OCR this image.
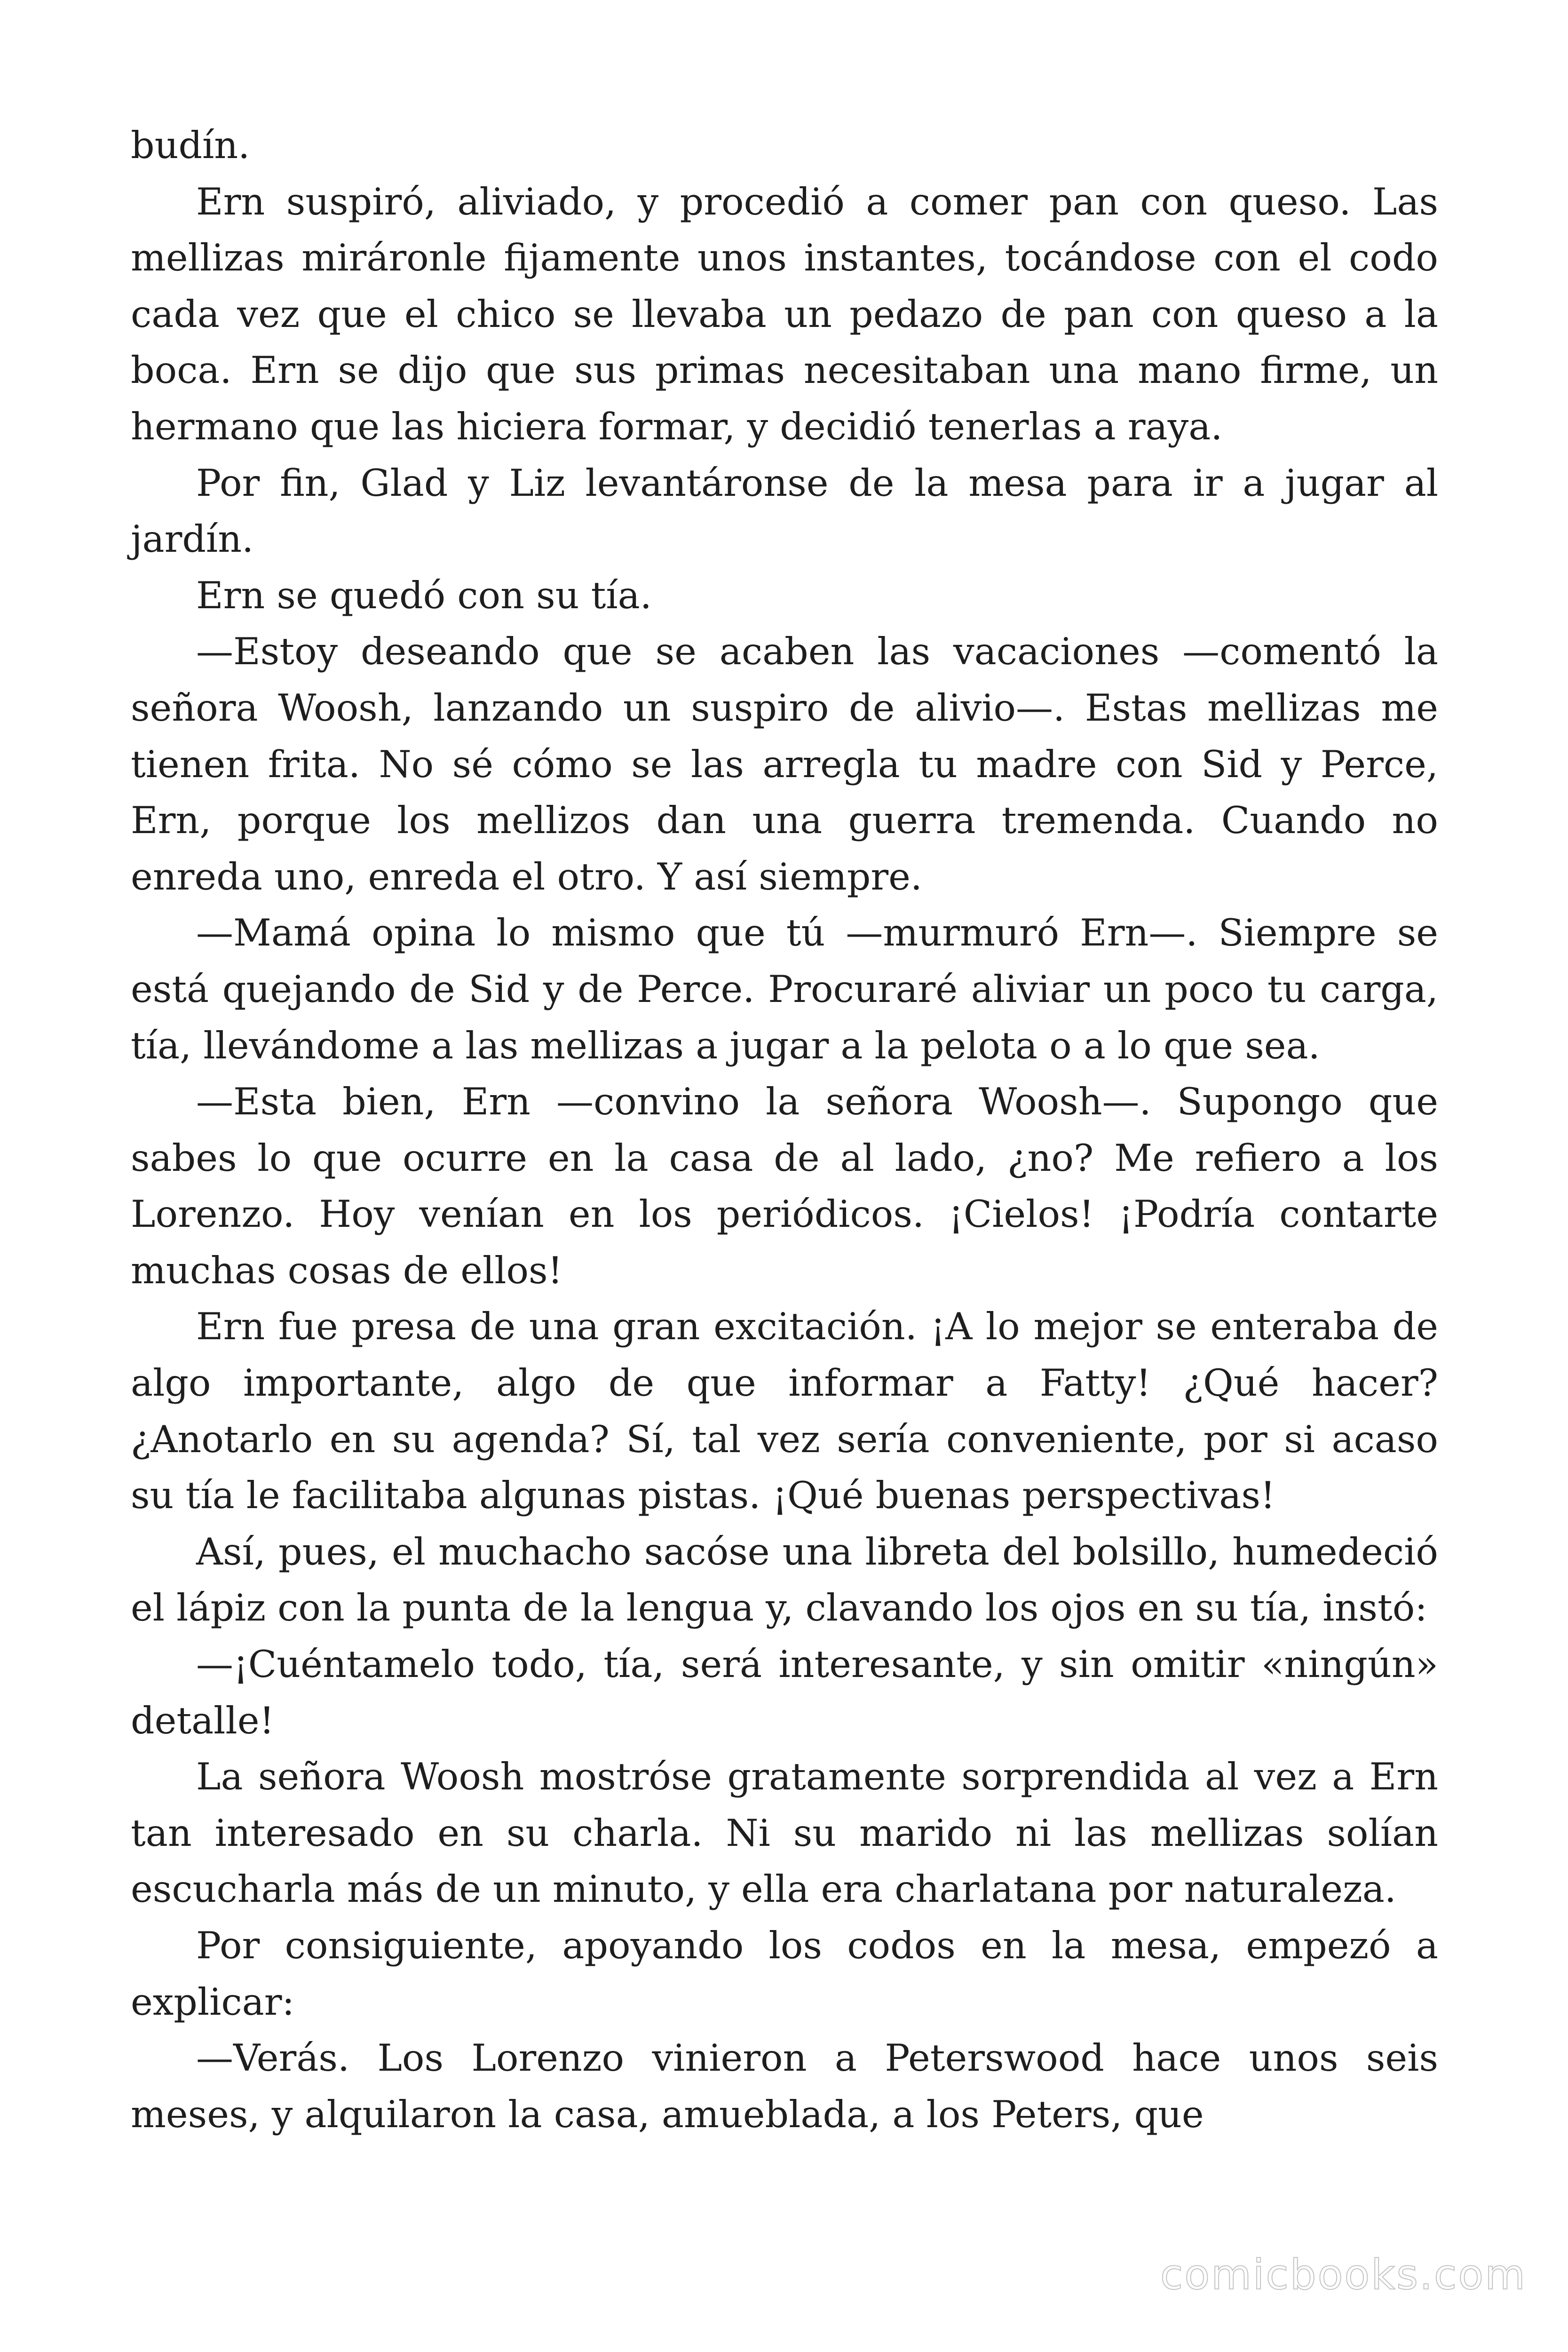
budín.

Ern suspiró, aliviado, y procedió a comer pan con queso. Las mellizas miráronle fijamente unos instantes, tocándose con el codo cada vez que el chico se llevaba un pedazo de pan con queso a la boca. Ern se dijo que sus primas necesitaban una mano firme, un hermano que las hiciera formar, y decidió tenerlas a raya.

Por fin, Glad y Liz levantáronse de la mesa para ir a jugar al jardín.

Ern se quedó con su tía.

—Estoy deseando que se acaben las vacaciones —comentó la señora Woosh, lanzando un suspiro de alivio—. Estas mellizas me tienen frita. No sé cómo se las arregla tu madre con Sid y Perce, Ern, porque los mellizos dan una guerra tremenda. Cuando no enreda uno, enreda el otro. Y así siempre.

—Mamá opina lo mismo que tú —murmuró Ern—. Siempre se está quejando de Sid y de Perce. Procuraré aliviar un poco tu carga, tía, llevándome a las mellizas a jugar a la pelota o a lo que sea.

—Esta bien, Ern —convino la señora Woosh—. Supongo que sabes lo que ocurre en la casa de al lado, ¿no? Me refiero a los Lorenzo. Hoy venían en los periódicos. ¡Cielos! ¡Podría contarte muchas cosas de ellos!

Ern fue presa de una gran excitación. ¡A lo mejor se enteraba de algo importante, algo de que informar a Fatty! ¿Qué hacer? ¿Anotarlo en su agenda? Sí, tal vez sería conveniente, por si acaso su tía le facilitaba algunas pistas. ¡Qué buenas perspectivas!

Así, pues, el muchacho sacóse una libreta del bolsillo, humedeció el lápiz con la punta de la lengua y, clavando los ojos en su tía, instó:

—¡Cuéntamelo todo, tía, será interesante, y sin omitir «ningún» detalle!

La señora Woosh mostróse gratamente sorprendida al vez a Ern tan interesado en su charla. Ni su marido ni las mellizas solían escucharla más de un minuto, y ella era charlatana por naturaleza.

Por consiguiente, apoyando los codos en la mesa, empezó a explicar:

—Verás. Los Lorenzo vinieron a Peterswood hace unos seis meses, y alquilaron la casa, amueblada, a los Peters, que

comicbooks.com
